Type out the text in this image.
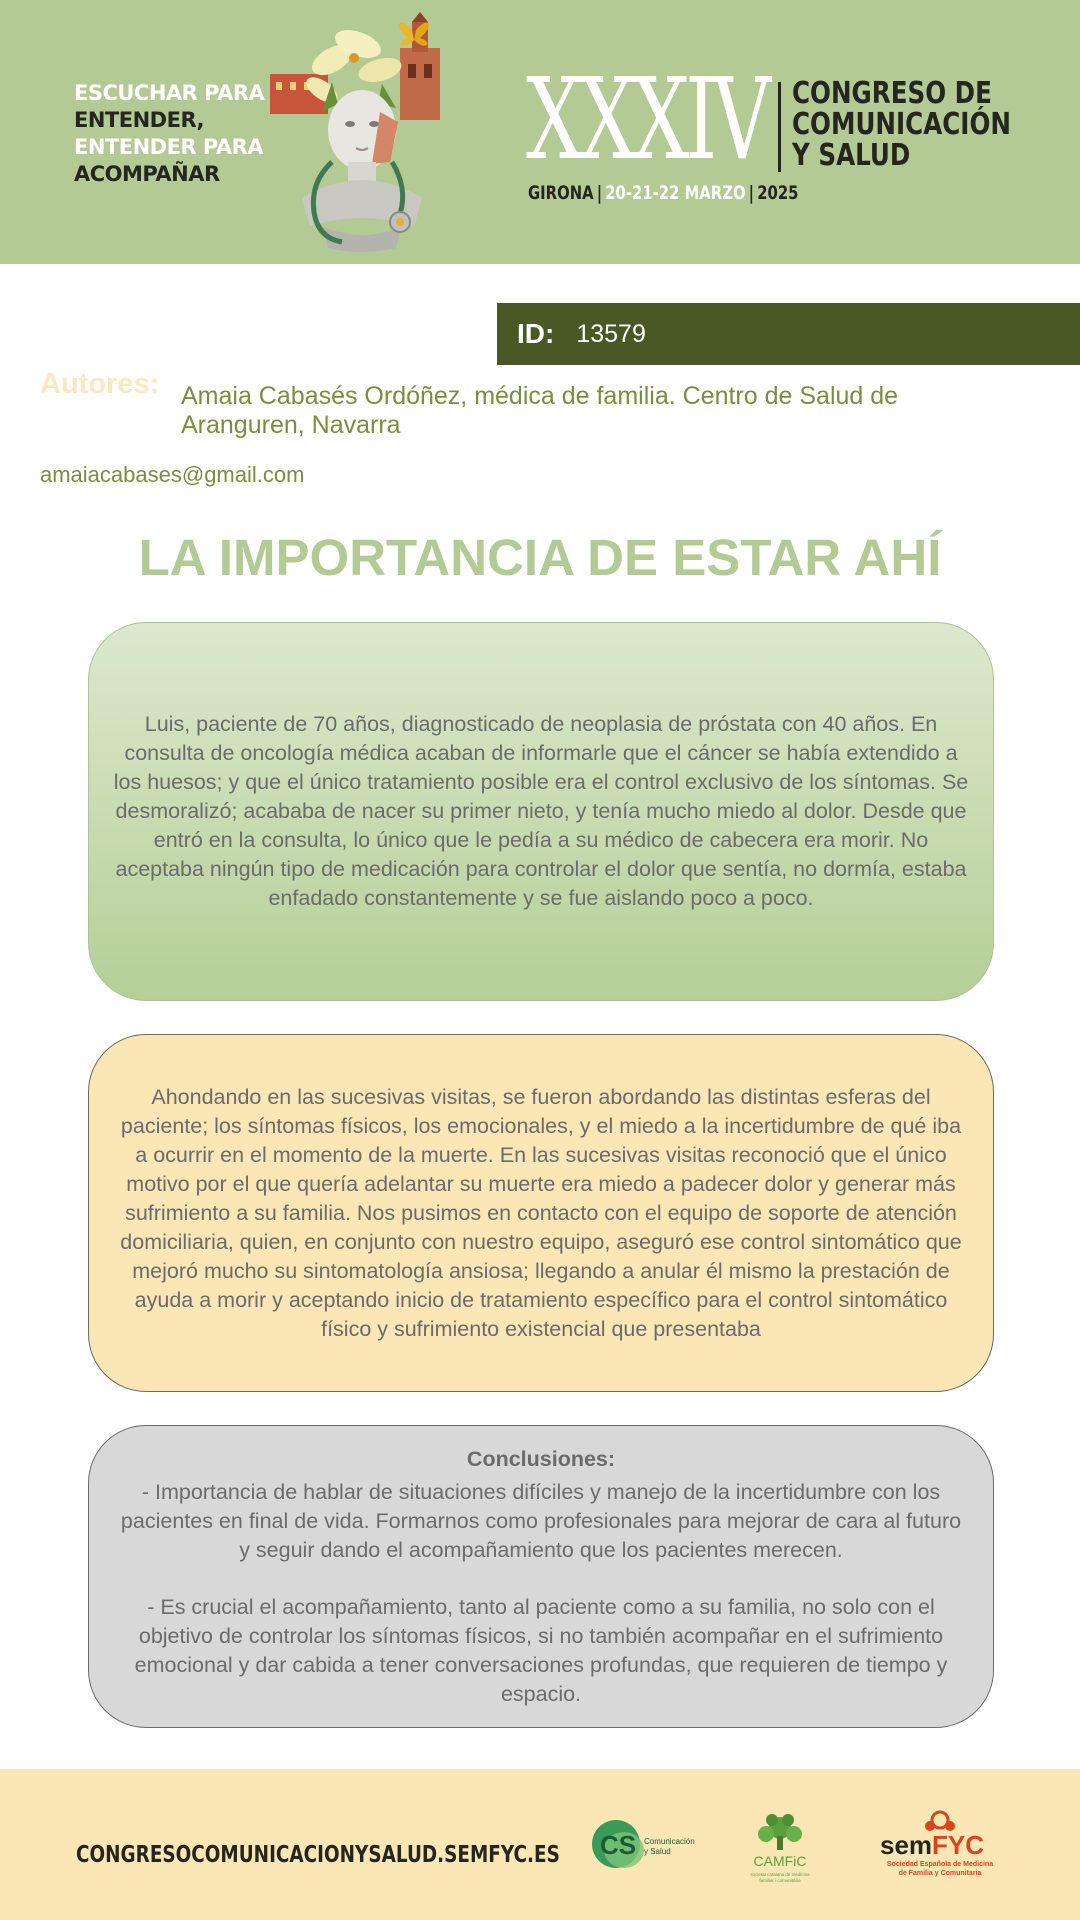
ESCUCHAR PARA
ENTENDER,
ENTENDER PARA
ACOMPAÑAR	XXXIV CONGRESO DE
COMUNICACIÓN
Y SALUD
GIRONA | 20-21-22 MARZO | 2025
ID: 13579
Autores: Amaia Cabasés Ordóñez, médica de familia. Centro de Salud de Aranguren, Navarra
amaiacabases@gmail.com
LA IMPORTANCIA DE ESTAR AHÍ
Luis, paciente de 70 años, diagnosticado de neoplasia de próstata con 40 años. En consulta de oncología médica acaban de informarle que el cáncer se había extendido a los huesos; y que el único tratamiento posible era el control exclusivo de los síntomas. Se desmoralizó; acababa de nacer su primer nieto, y tenía mucho miedo al dolor. Desde que entró en la consulta, lo único que le pedía a su médico de cabecera era morir. No aceptaba ningún tipo de medicación para controlar el dolor que sentía, no dormía, estaba enfadado constantemente y se fue aislando poco a poco.
Ahondando en las sucesivas visitas, se fueron abordando las distintas esferas del paciente; los síntomas físicos, los emocionales, y el miedo a la incertidumbre de qué iba a ocurrir en el momento de la muerte. En las sucesivas visitas reconoció que el único motivo por el que quería adelantar su muerte era miedo a padecer dolor y generar más sufrimiento a su familia. Nos pusimos en contacto con el equipo de soporte de atención domiciliaria, quien, en conjunto con nuestro equipo, aseguró ese control sintomático que mejoró mucho su sintomatología ansiosa; llegando a anular él mismo la prestación de ayuda a morir y aceptando inicio de tratamiento específico para el control sintomático físico y sufrimiento existencial que presentaba
Conclusiones:
- Importancia de hablar de situaciones difíciles y manejo de la incertidumbre con los pacientes en final de vida. Formarnos como profesionales para mejorar de cara al futuro y seguir dando el acompañamiento que los pacientes merecen.
- Es crucial el acompañamiento, tanto al paciente como a su familia, no solo con el objetivo de controlar los síntomas físicos, si no también acompañar en el sufrimiento emocional y dar cabida a tener conversaciones profundas, que requieren de tiempo y espacio.
CONGRESOCOMUNICACIONYSALUD.SEMFYC.ES CS Comunicación
y Salud
CAMFiC
societat catalana de medicina
familiar i comunitària
semFYC
Sociedad Española de Medicina
de Familia y Comunitaria
